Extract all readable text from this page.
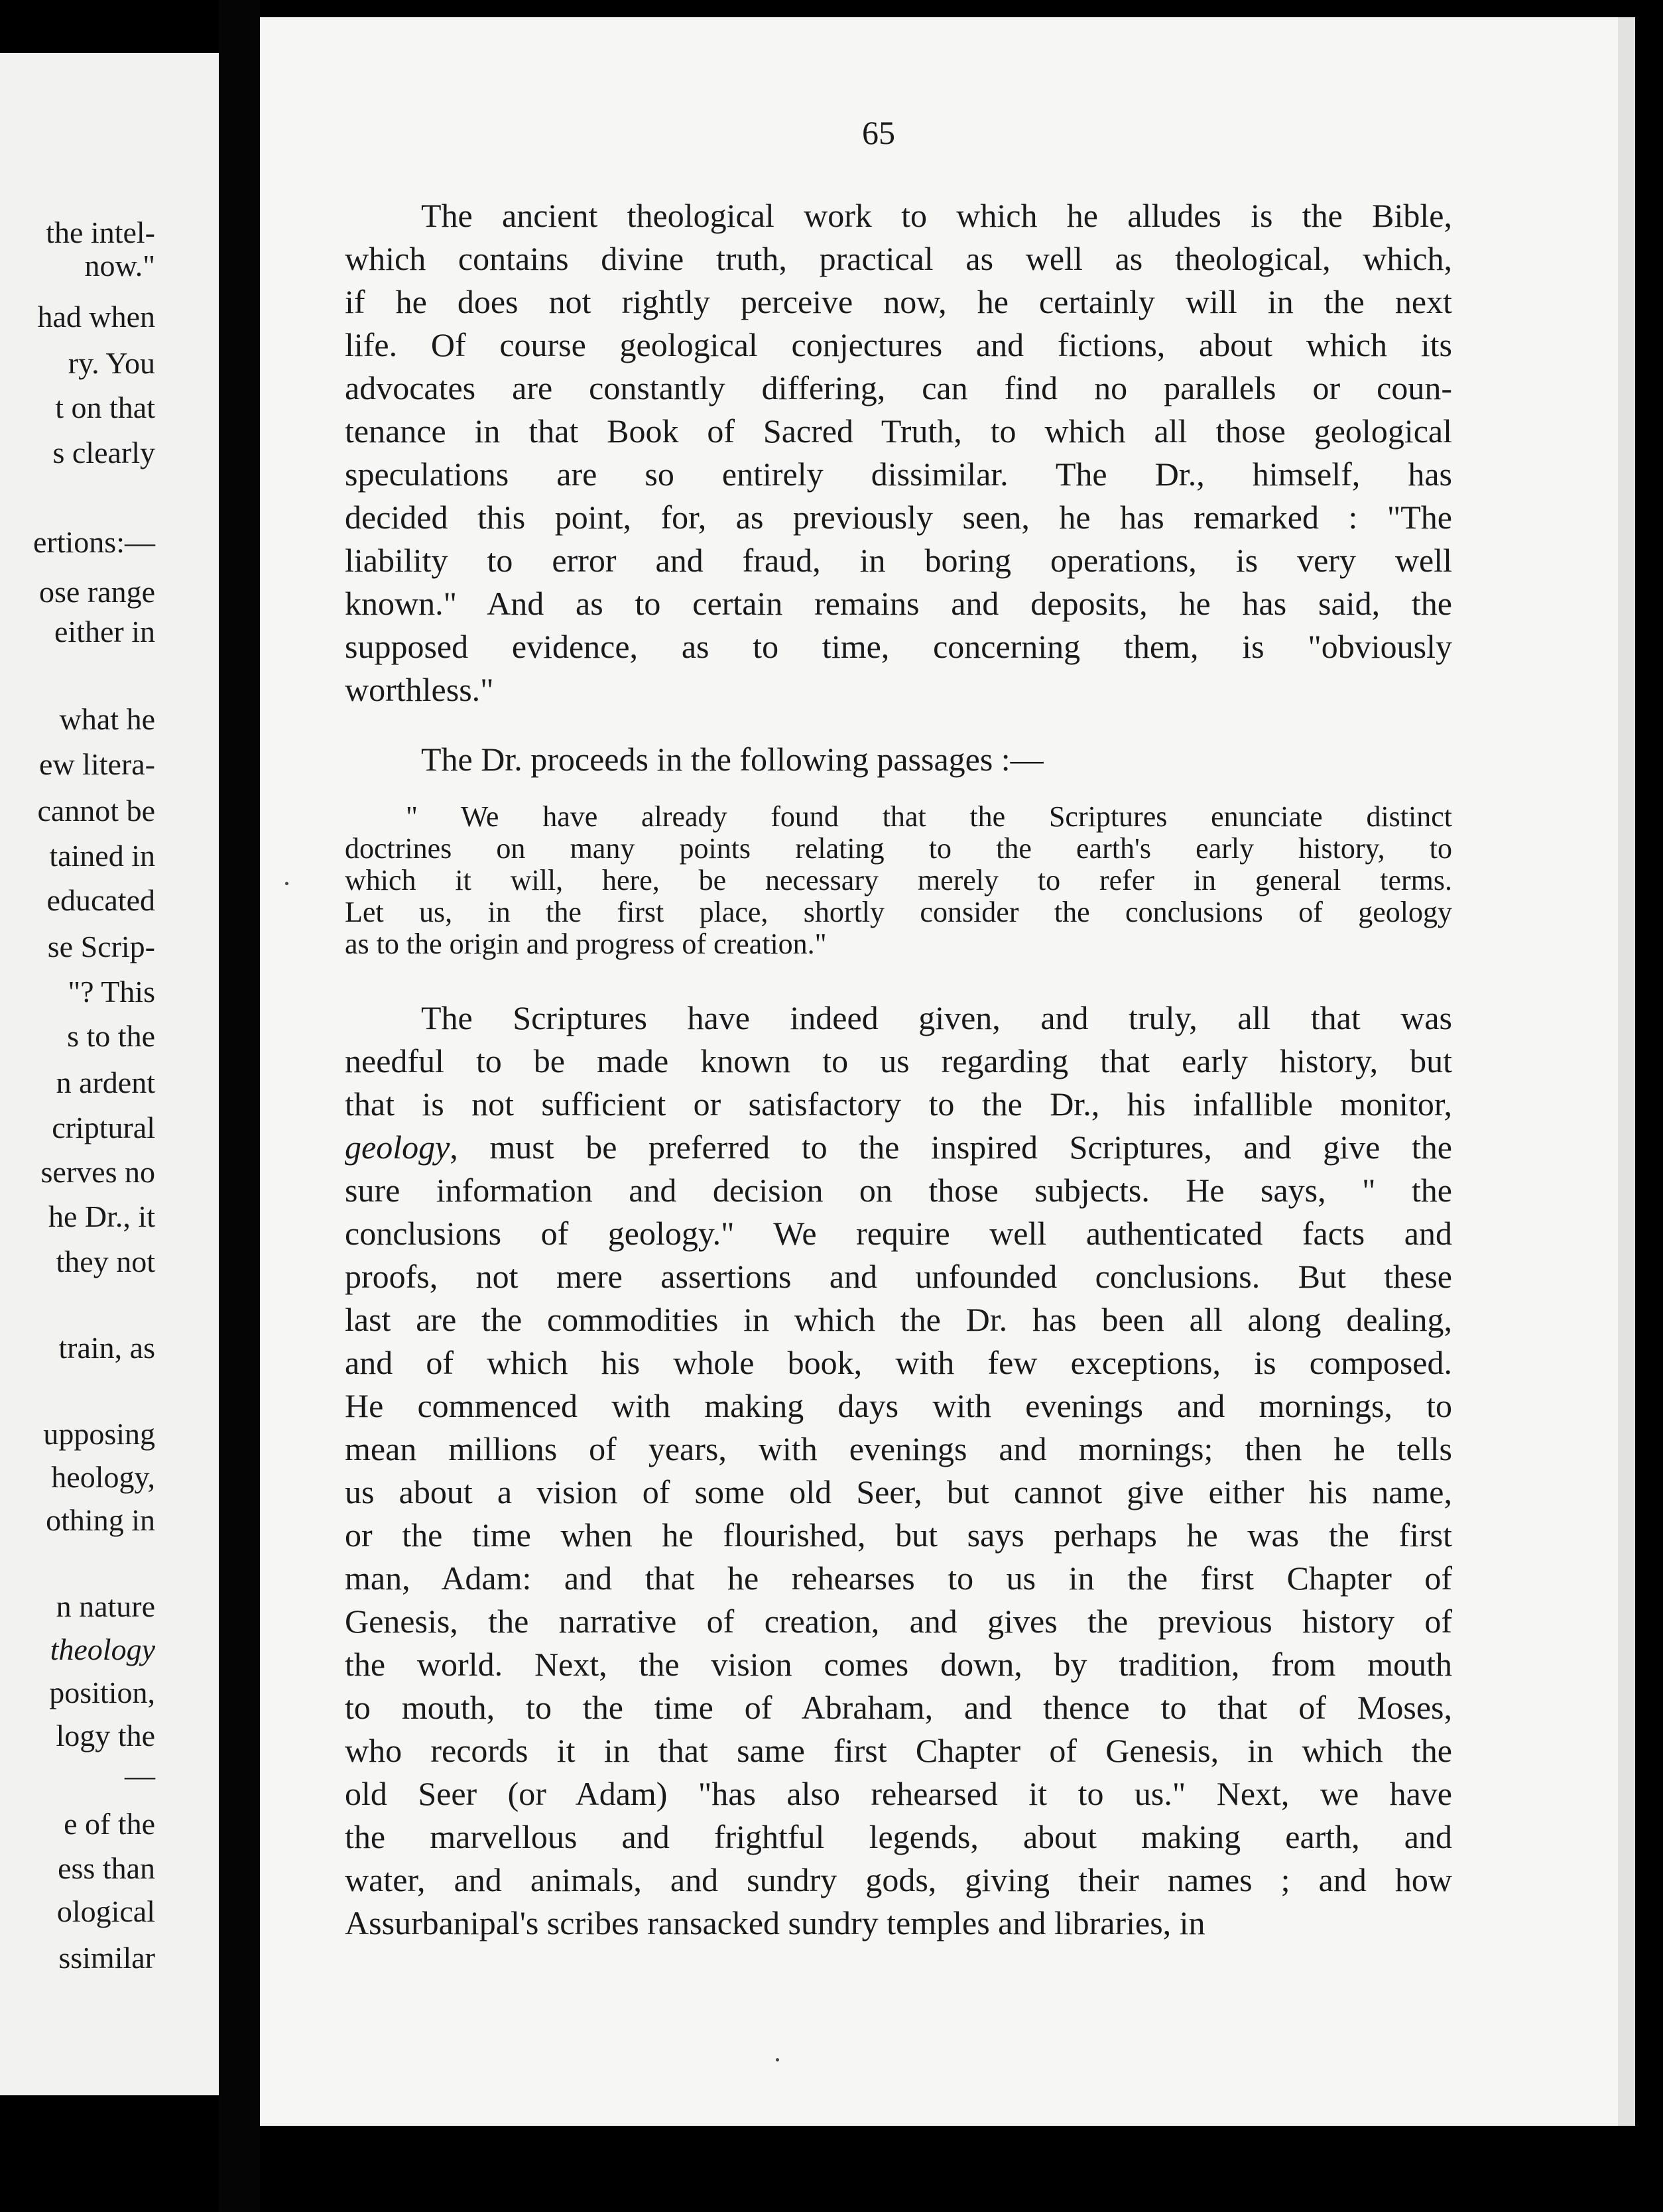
the intel-
now."
had when
ry. You
t on that
s clearly
ertions:—
ose range
either in
what he
ew litera-
cannot be
tained in
educated
se Scrip-
"? This
s to the
n ardent
criptural
serves no
he Dr., it
they not
train, as
upposing
heology,
othing in
n nature
theology
position,
logy the
—
e of the
ess than
ological
ssimilar
65
The ancient theological work to which he alludes is the Bible,
which contains divine truth, practical as well as theological, which,
if he does not rightly perceive now, he certainly will in the next
life. Of course geological conjectures and fictions, about which its
advocates are constantly differing, can find no parallels or coun-
tenance in that Book of Sacred Truth, to which all those geological
speculations are so entirely dissimilar. The Dr., himself, has
decided this point, for, as previously seen, he has remarked : "The
liability to error and fraud, in boring operations, is very well
known." And as to certain remains and deposits, he has said, the
supposed evidence, as to time, concerning them, is "obviously
worthless."
The Dr. proceeds in the following passages :—
" We have already found that the Scriptures enunciate distinct
doctrines on many points relating to the earth's early history, to
which it will, here, be necessary merely to refer in general terms.
Let us, in the first place, shortly consider the conclusions of geology
as to the origin and progress of creation."
The Scriptures have indeed given, and truly, all that was
needful to be made known to us regarding that early history, but
that is not sufficient or satisfactory to the Dr., his infallible monitor,
geology, must be preferred to the inspired Scriptures, and give the
sure information and decision on those subjects. He says, " the
conclusions of geology." We require well authenticated facts and
proofs, not mere assertions and unfounded conclusions. But these
last are the commodities in which the Dr. has been all along dealing,
and of which his whole book, with few exceptions, is composed.
He commenced with making days with evenings and mornings, to
mean millions of years, with evenings and mornings; then he tells
us about a vision of some old Seer, but cannot give either his name,
or the time when he flourished, but says perhaps he was the first
man, Adam: and that he rehearses to us in the first Chapter of
Genesis, the narrative of creation, and gives the previous history of
the world. Next, the vision comes down, by tradition, from mouth
to mouth, to the time of Abraham, and thence to that of Moses,
who records it in that same first Chapter of Genesis, in which the
old Seer (or Adam) "has also rehearsed it to us." Next, we have
the marvellous and frightful legends, about making earth, and
water, and animals, and sundry gods, giving their names ; and how
Assurbanipal's scribes ransacked sundry temples and libraries, in
